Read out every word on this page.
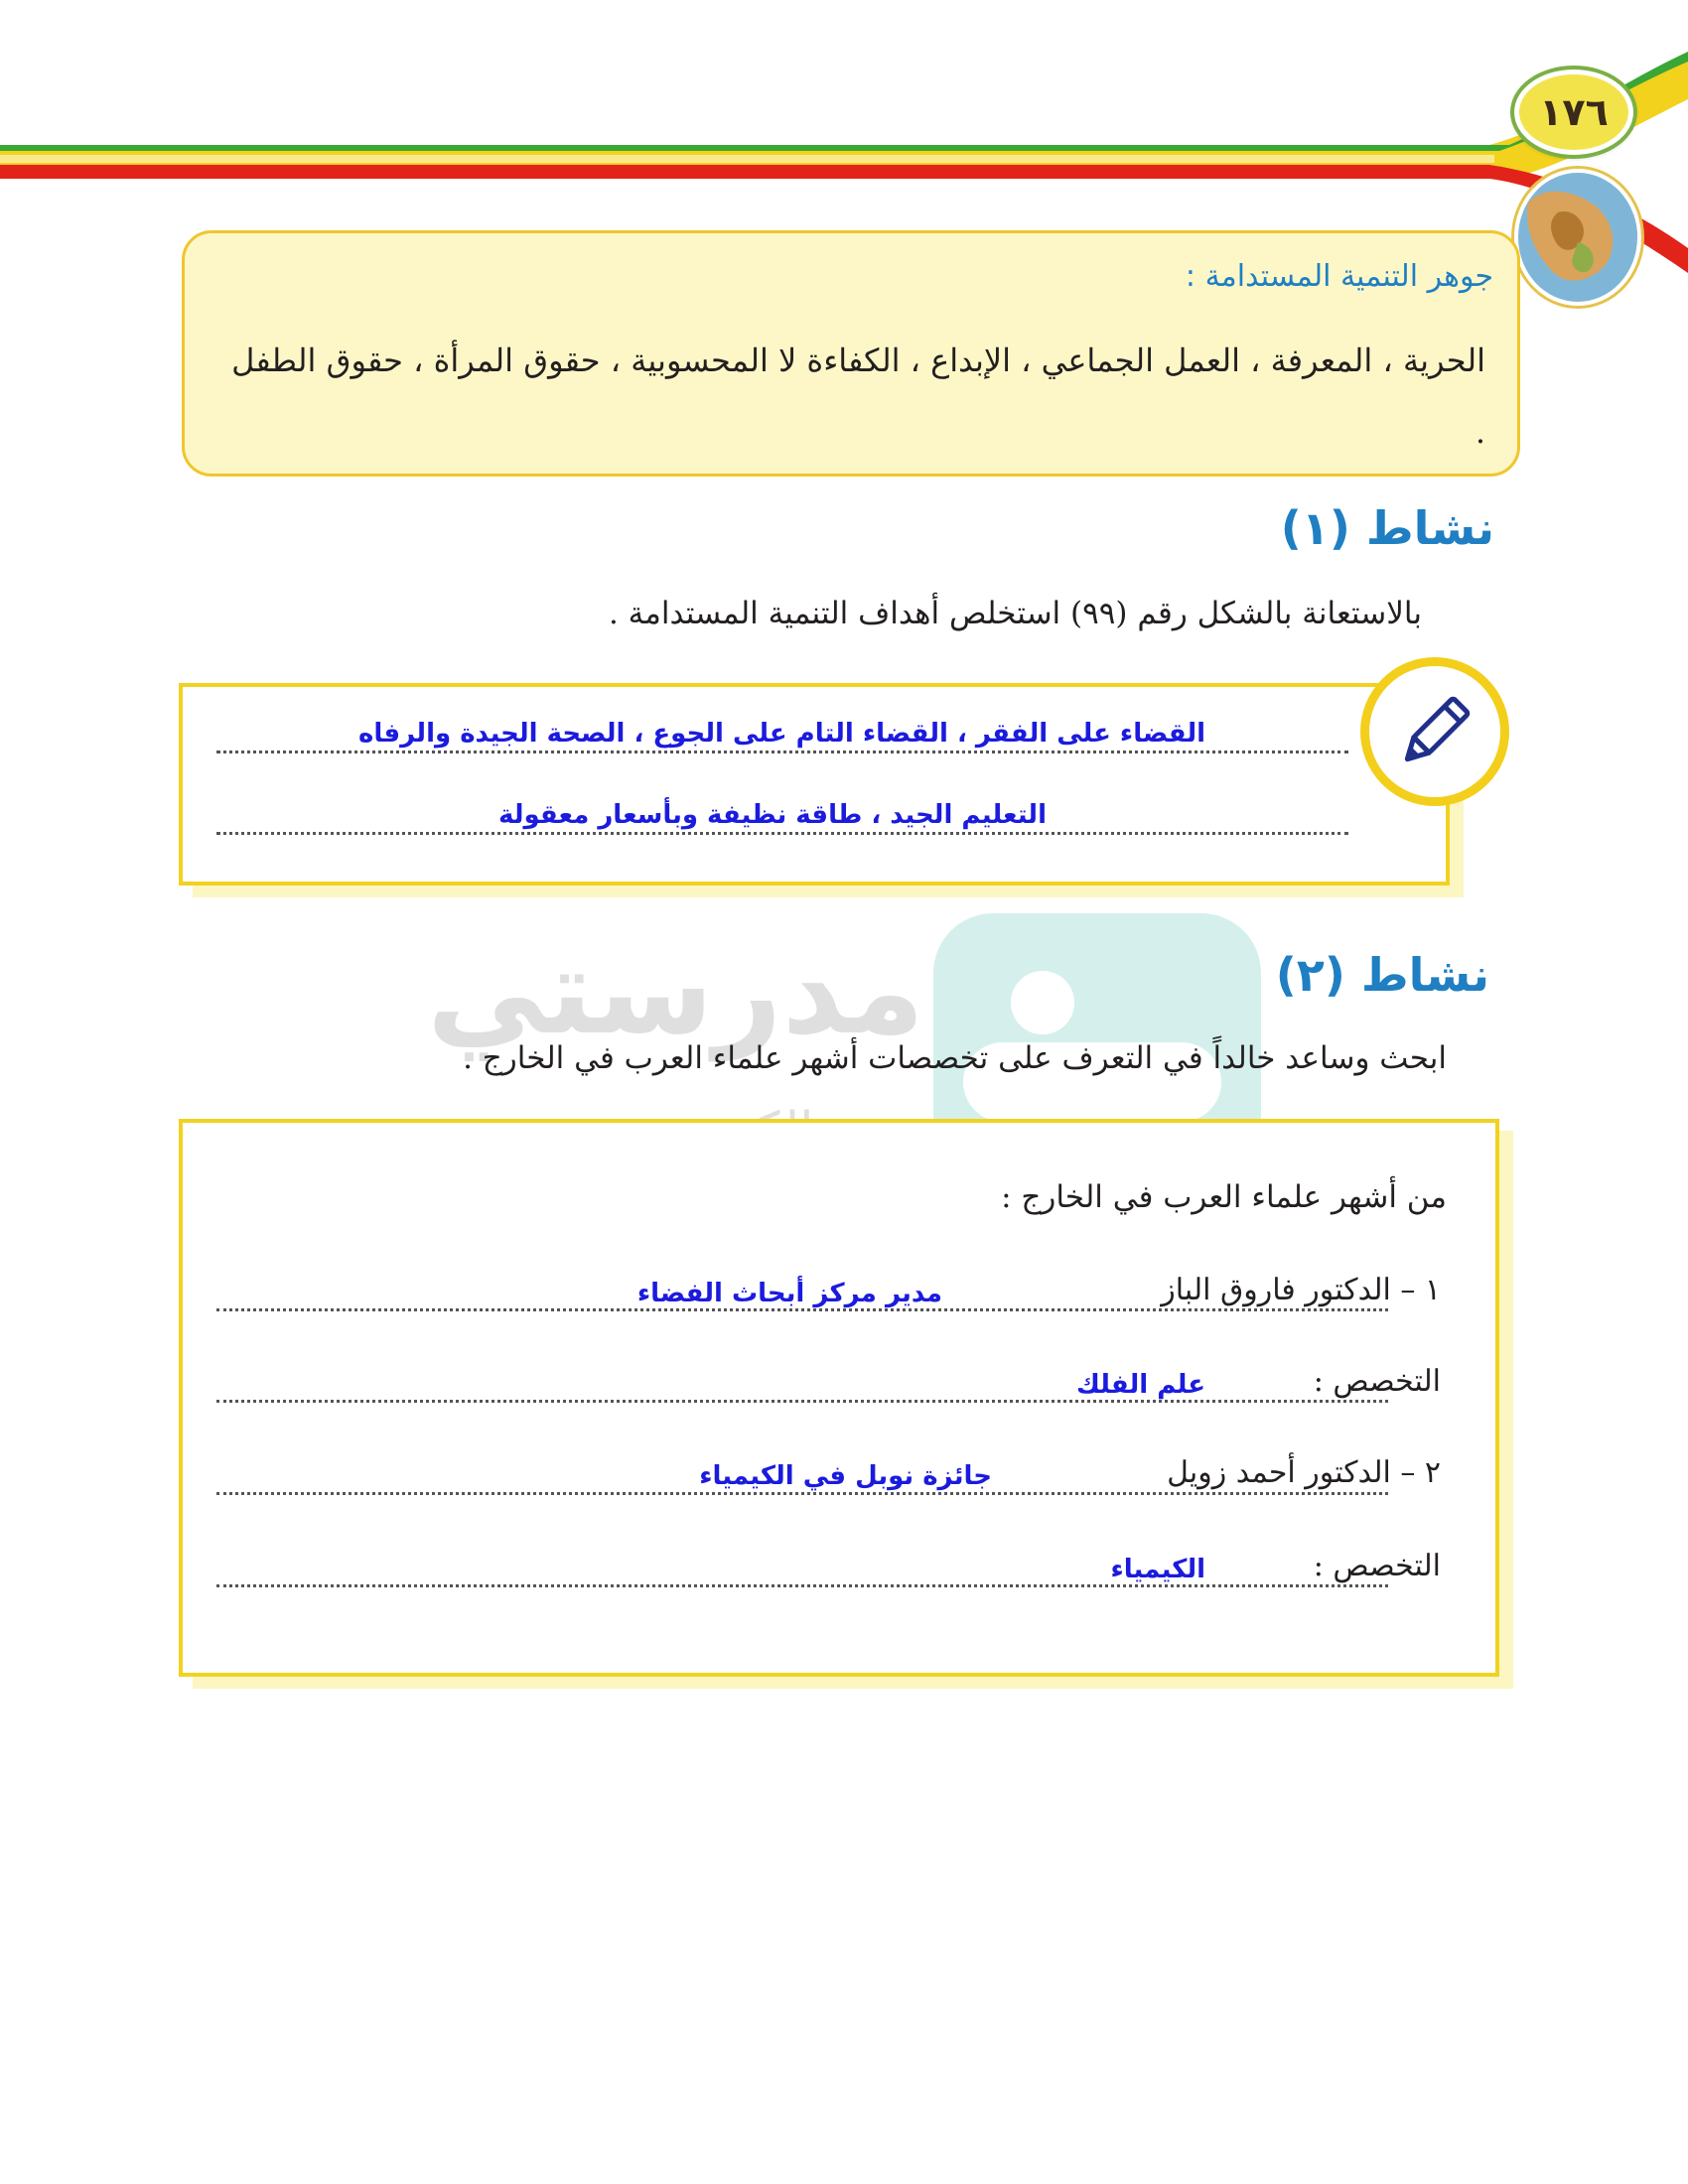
١٧٦
جوهر التنمية المستدامة :
الحرية ، المعرفة ، العمل الجماعي ، الإبداع ، الكفاءة لا المحسوبية ، حقوق المرأة ، حقوق الطفل .
نشاط (١)
بالاستعانة بالشكل رقم (٩٩) استخلص أهداف التنمية المستدامة .
القضاء على الفقر ، القضاء التام على الجوع ، الصحة الجيدة والرفاه
التعليم الجيد ، طاقة نظيفة وبأسعار معقولة
مدرستي	نشاط (٢)
ابحث وساعد خالداً في التعرف على تخصصات أشهر علماء العرب في الخارج .
من أشهر علماء العرب في الخارج :
١ – الدكتور فاروق الباز
مدير مركز أبحاث الفضاء
التخصص :
علم الفلك
٢ – الدكتور أحمد زويل
جائزة نوبل في الكيمياء
التخصص :
الكيمياء
